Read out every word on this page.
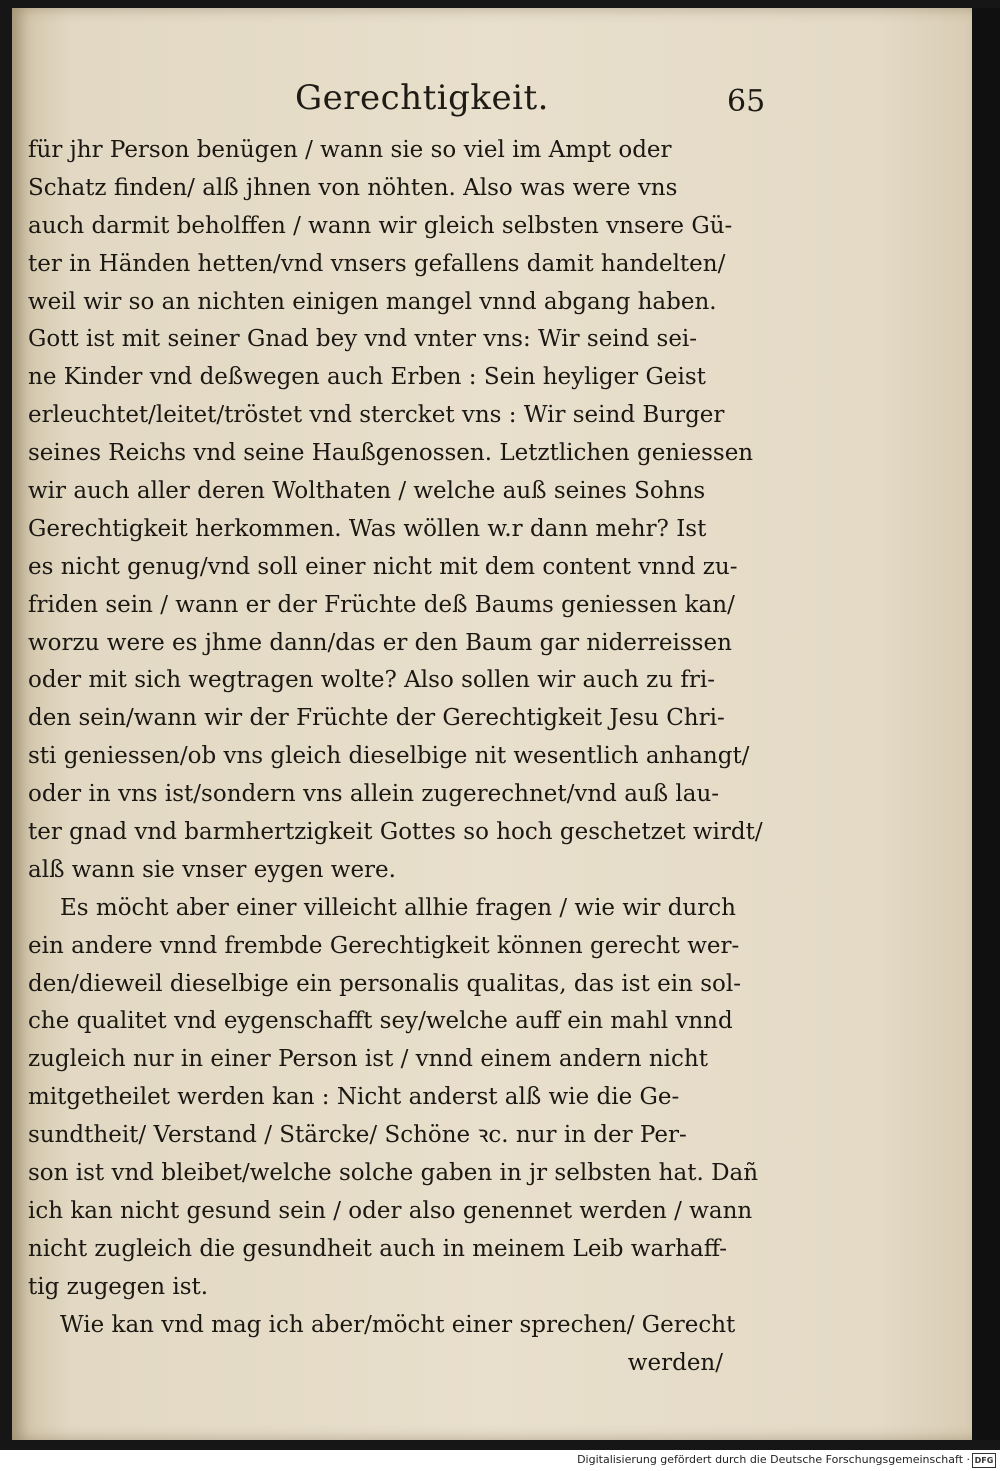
Gerechtigkeit.	65
für jhr Person benügen / wann sie so viel im Ampt oder
Schatz finden/ alß jhnen von nöhten. Also was were vns
auch darmit beholffen / wann wir gleich selbsten vnsere Gü-
ter in Händen hetten/vnd vnsers gefallens damit handelten/
weil wir so an nichten einigen mangel vnnd abgang haben.
Gott ist mit seiner Gnad bey vnd vnter vns: Wir seind sei-
ne Kinder vnd deßwegen auch Erben : Sein heyliger Geist
erleuchtet/leitet/tröstet vnd stercket vns : Wir seind Burger
seines Reichs vnd seine Haußgenossen. Letztlichen geniessen
wir auch aller deren Wolthaten / welche auß seines Sohns
Gerechtigkeit herkommen. Was wöllen w.r dann mehr? Ist
es nicht genug/vnd soll einer nicht mit dem content vnnd zu-
friden sein / wann er der Früchte deß Baums geniessen kan/
worzu were es jhme dann/das er den Baum gar niderreissen
oder mit sich wegtragen wolte? Also sollen wir auch zu fri-
den sein/wann wir der Früchte der Gerechtigkeit Jesu Chri-
sti geniessen/ob vns gleich dieselbige nit wesentlich anhangt/
oder in vns ist/sondern vns allein zugerechnet/vnd auß lau-
ter gnad vnd barmhertzigkeit Gottes so hoch geschetzet wirdt/
alß wann sie vnser eygen were.
Es möcht aber einer villeicht allhie fragen / wie wir durch
ein andere vnnd frembde Gerechtigkeit können gerecht wer-
den/dieweil dieselbige ein personalis qualitas, das ist ein sol-
che qualitet vnd eygenschafft sey/welche auff ein mahl vnnd
zugleich nur in einer Person ist / vnnd einem andern nicht
mitgetheilet werden kan : Nicht anderst alß wie die Ge-
sundtheit/ Verstand / Stärcke/ Schöne ꝛc. nur in der Per-
son ist vnd bleibet/welche solche gaben in jr selbsten hat. Dañ
ich kan nicht gesund sein / oder also genennet werden / wann
nicht zugleich die gesundheit auch in meinem Leib warhaff-
tig zugegen ist.
Wie kan vnd mag ich aber/möcht einer sprechen/ Gerecht
werden/
Digitalisierung gefördert durch die Deutsche Forschungsgemeinschaft · DFG
